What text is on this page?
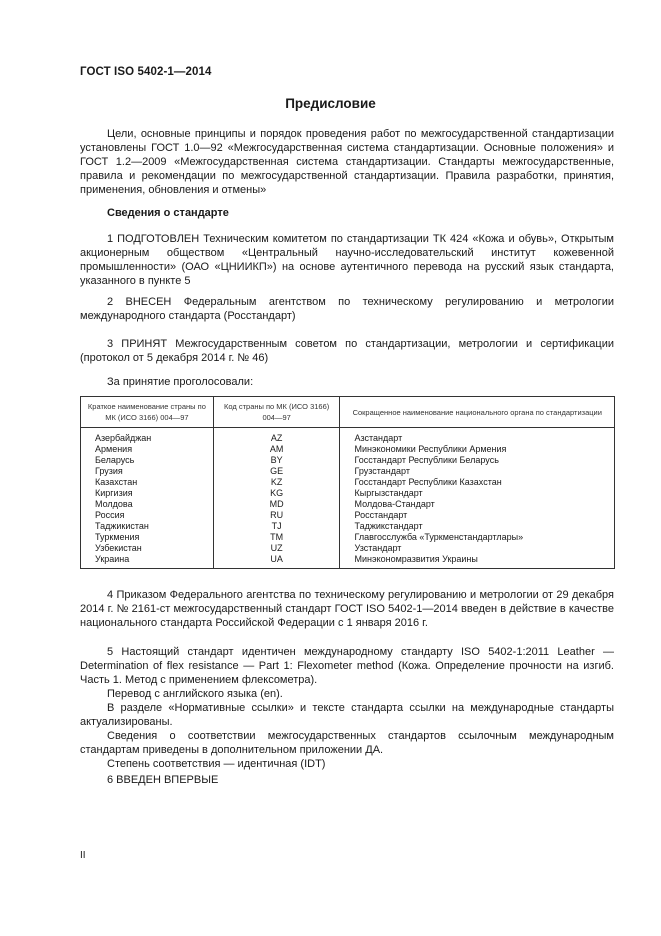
ГОСТ ISO 5402-1—2014
Предисловие

Цели, основные принципы и порядок проведения работ по межгосударственной стандартизации установлены ГОСТ 1.0—92 «Межгосударственная система стандартизации. Основные положения» и ГОСТ 1.2—2009 «Межгосударственная система стандартизации. Стандарты межгосударственные, правила и рекомендации по межгосударственной стандартизации. Правила разработки, принятия, применения, обновления и отмены»

Сведения о стандарте

1 ПОДГОТОВЛЕН Техническим комитетом по стандартизации ТК 424 «Кожа и обувь», Открытым акционерным обществом «Центральный научно-исследовательский институт кожевенной промышленности» (ОАО «ЦНИИКП») на основе аутентичного перевода на русский язык стандарта, указанного в пункте 5

2 ВНЕСЕН Федеральным агентством по техническому регулированию и метрологии международного стандарта (Росстандарт)

3 ПРИНЯТ Межгосударственным советом по стандартизации, метрологии и сертификации (протокол от 5 декабря 2014 г. № 46)

За принятие проголосовали:
Краткое наименование страны по МК (ИСО 3166) 004—97	Код страны по МК (ИСО 3166) 004—97	Сокращенное наименование национального органа по стандартизации
Азербайджан	AZ	Азстандарт
Армения	AM	Минэкономики Республики Армения
Беларусь	BY	Госстандарт Республики Беларусь
Грузия	GE	Грузстандарт
Казахстан	KZ	Госстандарт Республики Казахстан
Киргизия	KG	Кыргызстандарт
Молдова	MD	Молдова-Стандарт
Россия	RU	Росстандарт
Таджикистан	TJ	Таджикстандарт
Туркмения	TM	Главгосслужба «Туркменстандартлары»
Узбекистан	UZ	Узстандарт
Украина	UA	Минэкономразвития Украины

4 Приказом Федерального агентства по техническому регулированию и метрологии от 29 декабря 2014 г. № 2161-ст межгосударственный стандарт ГОСТ ISO 5402-1—2014 введен в действие в качестве национального стандарта Российской Федерации с 1 января 2016 г.

5 Настоящий стандарт идентичен международному стандарту ISO 5402-1:2011 Leather — Determination of flex resistance — Part 1: Flexometer method (Кожа. Определение прочности на изгиб. Часть 1. Метод с применением флексометра).

Перевод с английского языка (en).

В разделе «Нормативные ссылки» и тексте стандарта ссылки на международные стандарты актуализированы.

Сведения о соответствии межгосударственных стандартов ссылочным международным стандартам приведены в дополнительном приложении ДА.

Степень соответствия — идентичная (IDT)

6 ВВЕДЕН ВПЕРВЫЕ

II
